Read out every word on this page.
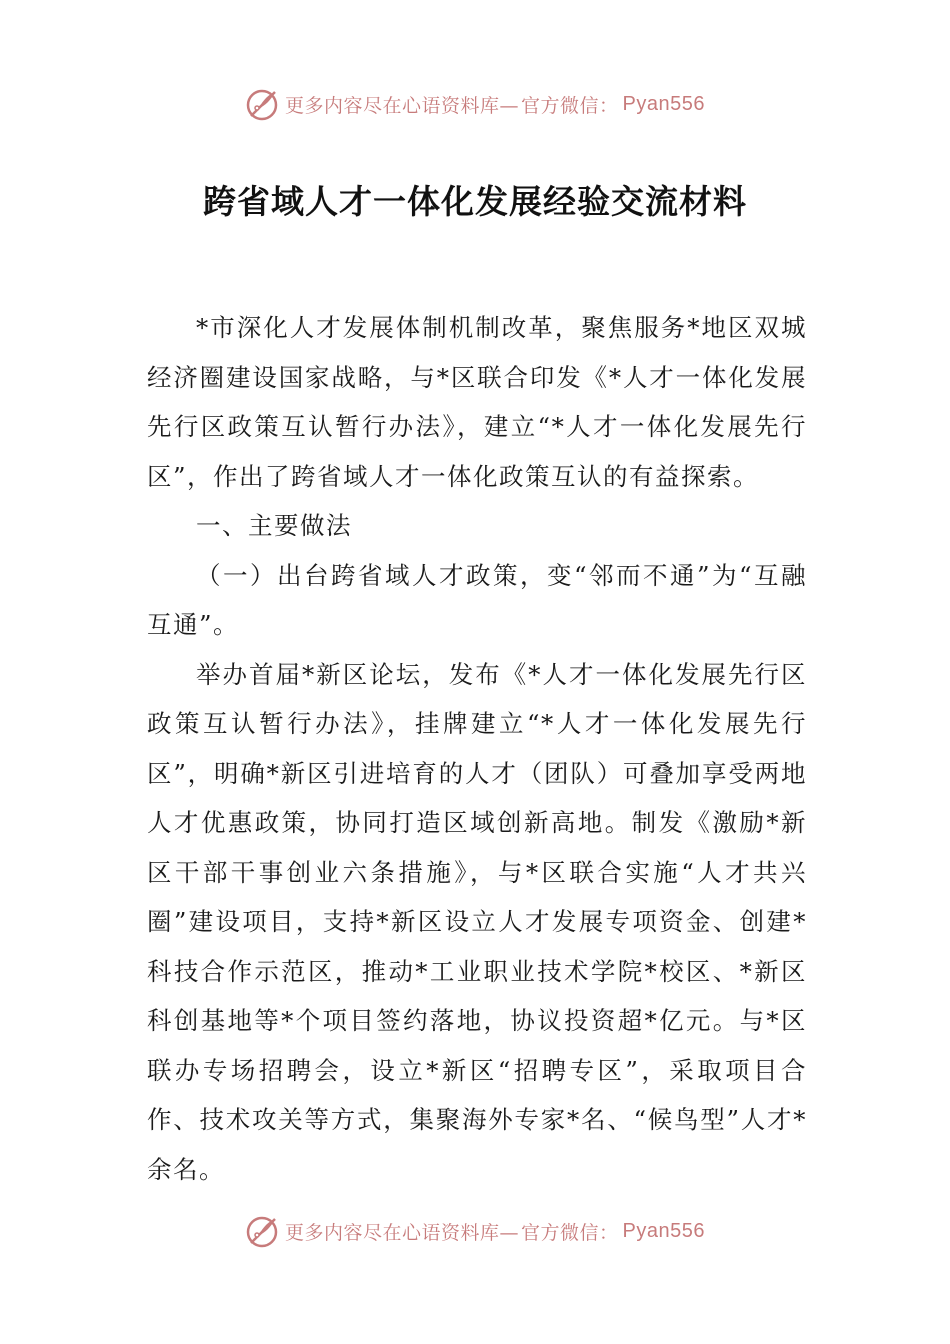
更多内容尽在心语资料库— 官方微信： Pyan556
跨省域人才一体化发展经验交流材料

*市深化人才发展体制机制改革，聚焦服务*地区双城经济圈建设国家战略，与*区联合印发《*人才一体化发展先行区政策互认暂行办法》，建立“*人才一体化发展先行区”，作出了跨省域人才一体化政策互认的有益探索。

一、主要做法

（一）出台跨省域人才政策，变“邻而不通”为“互融互通”。

举办首届*新区论坛，发布《*人才一体化发展先行区政策互认暂行办法》，挂牌建立“*人才一体化发展先行区”，明确*新区引进培育的人才（团队）可叠加享受两地人才优惠政策，协同打造区域创新高地。制发《激励*新区干部干事创业六条措施》，与*区联合实施“人才共兴圈”建设项目，支持*新区设立人才发展专项资金、创建*科技合作示范区，推动*工业职业技术学院*校区、*新区科创基地等*个项目签约落地，协议投资超*亿元。与*区联办专场招聘会，设立*新区“招聘专区”，采取项目合作、技术攻关等方式，集聚海外专家*名、“候鸟型”人才*余名。

更多内容尽在心语资料库— 官方微信： Pyan556
